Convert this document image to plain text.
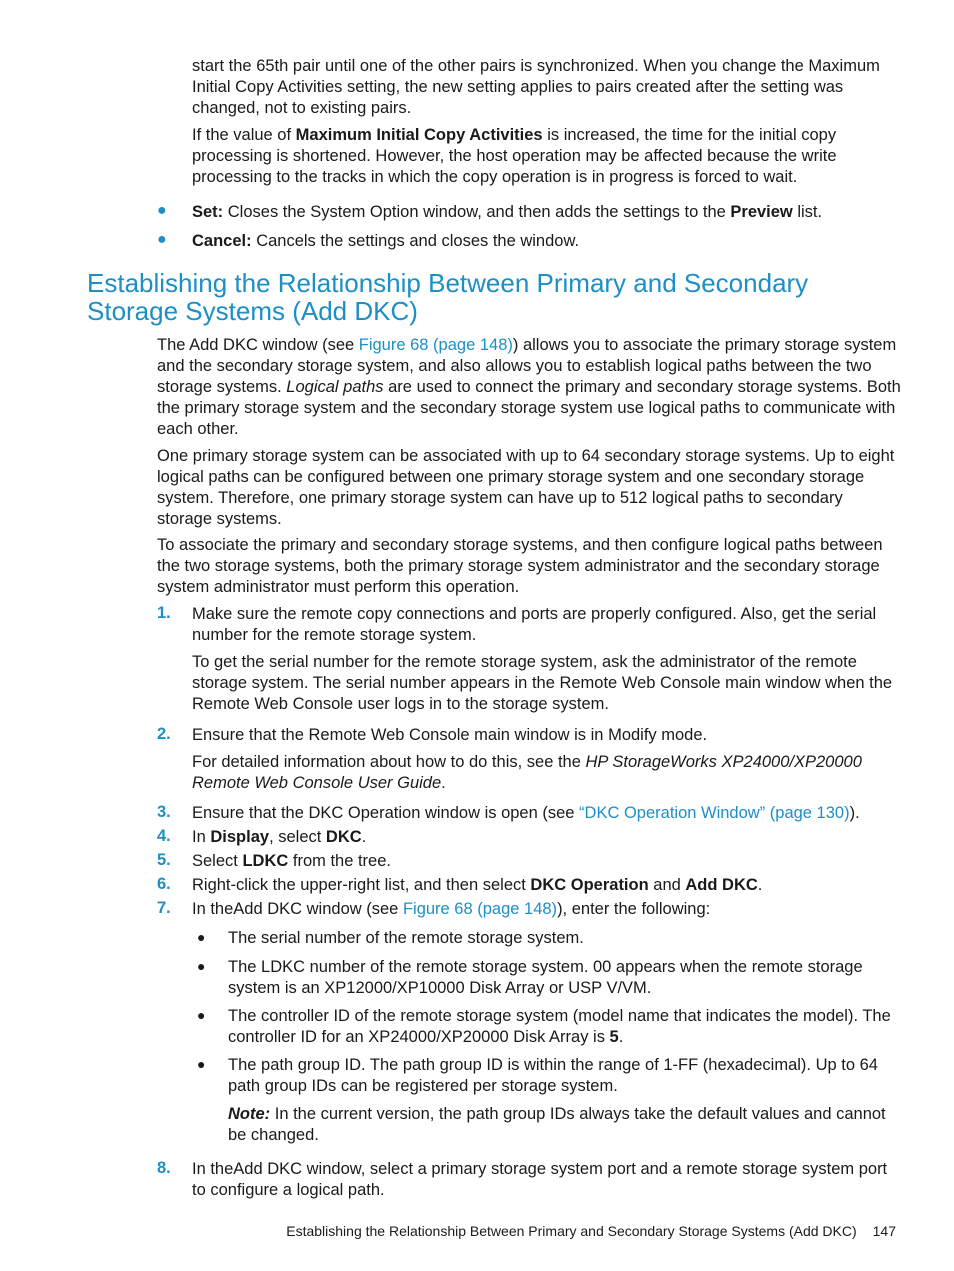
start the 65th pair until one of the other pairs is synchronized. When you change the Maximum Initial Copy Activities setting, the new setting applies to pairs created after the setting was changed, not to existing pairs.

If the value of Maximum Initial Copy Activities is increased, the time for the initial copy processing is shortened. However, the host operation may be affected because the write processing to the tracks in which the copy operation is in progress is forced to wait.

● Set: Closes the System Option window, and then adds the settings to the Preview list.

● Cancel: Cancels the settings and closes the window.

Establishing the Relationship Between Primary and Secondary Storage Systems (Add DKC)

The Add DKC window (see Figure 68 (page 148)) allows you to associate the primary storage system and the secondary storage system, and also allows you to establish logical paths between the two storage systems. Logical paths are used to connect the primary and secondary storage systems. Both the primary storage system and the secondary storage system use logical paths to communicate with each other.

One primary storage system can be associated with up to 64 secondary storage systems. Up to eight logical paths can be configured between one primary storage system and one secondary storage system. Therefore, one primary storage system can have up to 512 logical paths to secondary storage systems.

To associate the primary and secondary storage systems, and then configure logical paths between the two storage systems, both the primary storage system administrator and the secondary storage system administrator must perform this operation.

1. Make sure the remote copy connections and ports are properly configured. Also, get the serial number for the remote storage system.

To get the serial number for the remote storage system, ask the administrator of the remote storage system. The serial number appears in the Remote Web Console main window when the Remote Web Console user logs in to the storage system.

2. Ensure that the Remote Web Console main window is in Modify mode.

For detailed information about how to do this, see the HP StorageWorks XP24000/XP20000 Remote Web Console User Guide.

3. Ensure that the DKC Operation window is open (see “DKC Operation Window” (page 130)).

4. In Display, select DKC.

5. Select LDKC from the tree.

6. Right-click the upper-right list, and then select DKC Operation and Add DKC.

7. In theAdd DKC window (see Figure 68 (page 148)), enter the following:

● The serial number of the remote storage system.

● The LDKC number of the remote storage system. 00 appears when the remote storage system is an XP12000/XP10000 Disk Array or USP V/VM.

● The controller ID of the remote storage system (model name that indicates the model). The controller ID for an XP24000/XP20000 Disk Array is 5.

● The path group ID. The path group ID is within the range of 1-FF (hexadecimal). Up to 64 path group IDs can be registered per storage system.

Note: In the current version, the path group IDs always take the default values and cannot be changed.

8. In theAdd DKC window, select a primary storage system port and a remote storage system port to configure a logical path.

Establishing the Relationship Between Primary and Secondary Storage Systems (Add DKC) 147
